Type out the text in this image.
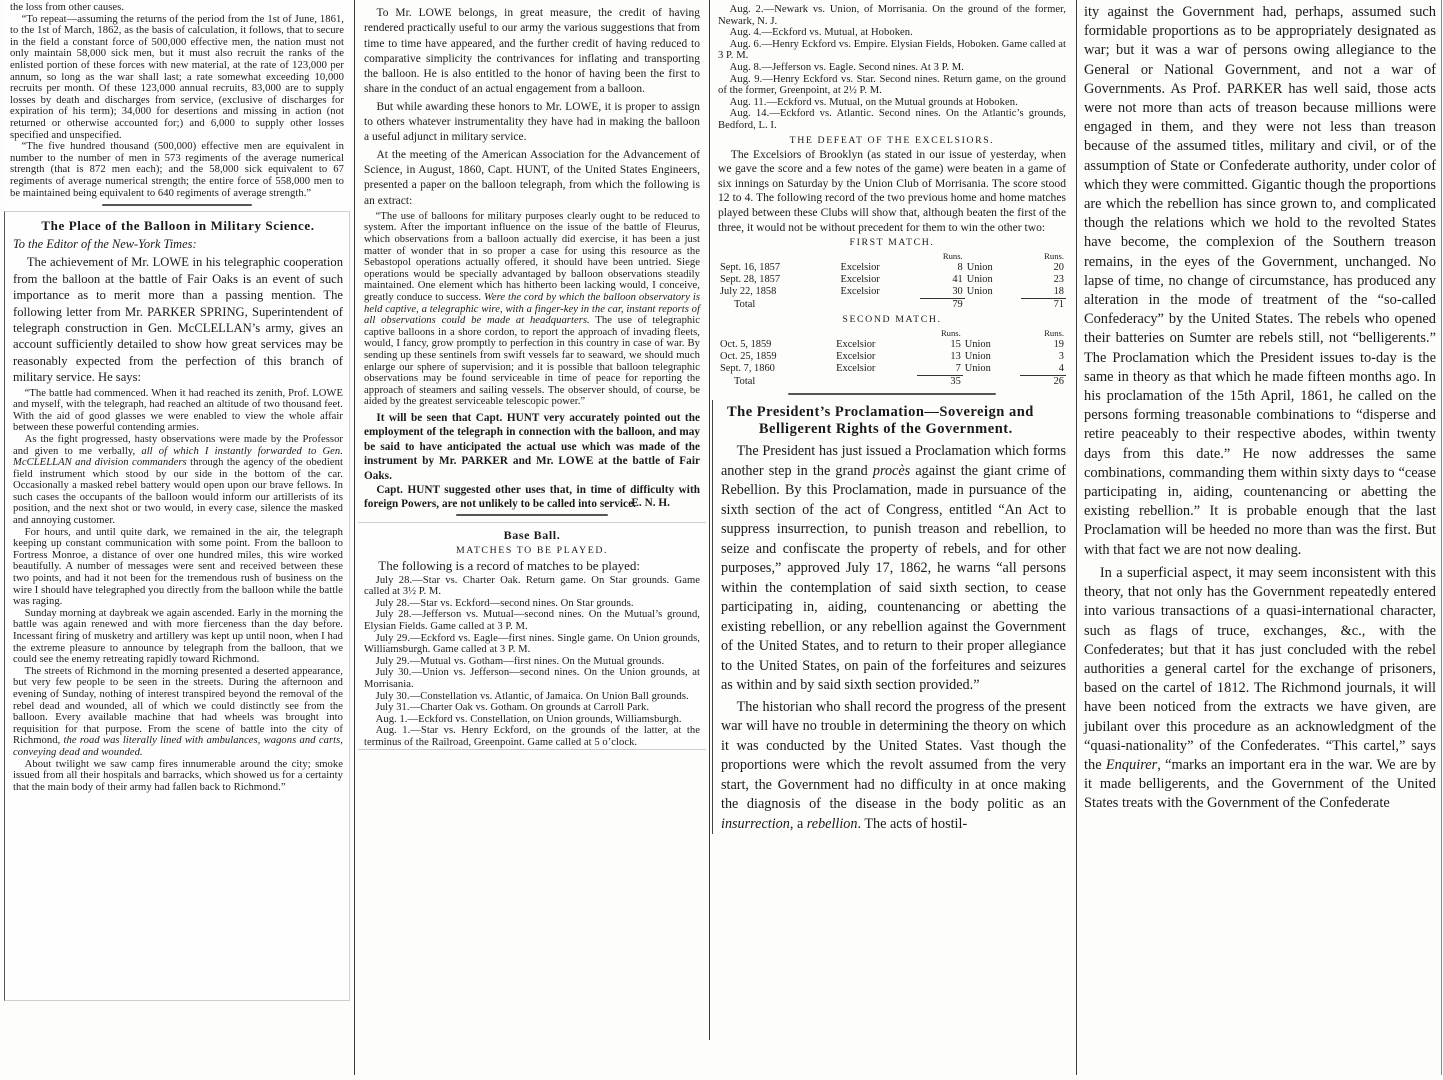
the loss from other causes.

“To repeat—assuming the returns of the period from the 1st of June, 1861, to the 1st of March, 1862, as the basis of calculation, it follows, that to secure in the field a constant force of 500,000 effective men, the nation must not only maintain 58,000 sick men, but it must also recruit the ranks of the enlisted portion of these forces with new material, at the rate of 123,000 per annum, so long as the war shall last; a rate somewhat exceeding 10,000 recruits per month. Of these 123,000 annual recruits, 83,000 are to supply losses by death and discharges from service, (exclusive of discharges for expiration of his term); 34,000 for desertions and missing in action (not returned or otherwise accounted for;) and 6,000 to supply other losses specified and unspecified.

“The five hundred thousand (500,000) effective men are equivalent in number to the number of men in 573 regiments of the average numerical strength (that is 872 men each); and the 58,000 sick equivalent to 67 regiments of average numerical strength; the entire force of 558,000 men to be maintained being equivalent to 640 regiments of average strength.”

The Place of the Balloon in Military Science.

To the Editor of the New-York Times:

The achievement of Mr. LOWE in his telegraphic cooperation from the balloon at the battle of Fair Oaks is an event of such importance as to merit more than a passing mention. The following letter from Mr. PARKER SPRING, Superintendent of telegraph construction in Gen. McCLELLAN’s army, gives an account sufficiently detailed to show how great services may be reasonably expected from the perfection of this branch of military service. He says:

“The battle had commenced. When it had reached its zenith, Prof. LOWE and myself, with the telegraph, had reached an altitude of two thousand feet. With the aid of good glasses we were enabled to view the whole affair between these powerful contending armies.

As the fight progressed, hasty observations were made by the Professor and given to me verbally, all of which I instantly forwarded to Gen. McCLELLAN and division commanders through the agency of the obedient field instrument which stood by our side in the bottom of the car. Occasionally a masked rebel battery would open upon our brave fellows. In such cases the occupants of the balloon would inform our artillerists of its position, and the next shot or two would, in every case, silence the masked and annoying customer.

For hours, and until quite dark, we remained in the air, the telegraph keeping up constant communication with some point. From the balloon to Fortress Monroe, a distance of over one hundred miles, this wire worked beautifully. A number of messages were sent and received between these two points, and had it not been for the tremendous rush of business on the wire I should have telegraphed you directly from the balloon while the battle was raging.

Sunday morning at daybreak we again ascended. Early in the morning the battle was again renewed and with more fierceness than the day before. Incessant firing of musketry and artillery was kept up until noon, when I had the extreme pleasure to announce by telegraph from the balloon, that we could see the enemy retreating rapidly toward Richmond.

The streets of Richmond in the morning presented a deserted appearance, but very few people to be seen in the streets. During the afternoon and evening of Sunday, nothing of interest transpired beyond the removal of the rebel dead and wounded, all of which we could distinctly see from the balloon. Every available machine that had wheels was brought into requisition for that purpose. From the scene of battle into the city of Richmond, the road was literally lined with ambulances, wagons and carts, conveying dead and wounded.

About twilight we saw camp fires innumerable around the city; smoke issued from all their hospitals and barracks, which showed us for a certainty that the main body of their army had fallen back to Richmond.”

To Mr. LOWE belongs, in great measure, the credit of having rendered practically useful to our army the various suggestions that from time to time have appeared, and the further credit of having reduced to comparative simplicity the contrivances for inflating and transporting the balloon. He is also entitled to the honor of having been the first to share in the conduct of an actual engagement from a balloon.

But while awarding these honors to Mr. LOWE, it is proper to assign to others whatever instrumentality they have had in making the balloon a useful adjunct in military service.

At the meeting of the American Association for the Advancement of Science, in August, 1860, Capt. HUNT, of the United States Engineers, presented a paper on the balloon telegraph, from which the following is an extract:

“The use of balloons for military purposes clearly ought to be reduced to system. After the important influence on the issue of the battle of Fleurus, which observations from a balloon actually did exercise, it has been a just matter of wonder that in so proper a case for using this resource as the Sebastopol operations actually offered, it should have been untried. Siege operations would be specially advantaged by balloon observations steadily maintained. One element which has hitherto been lacking would, I conceive, greatly conduce to success. Were the cord by which the balloon observatory is held captive, a telegraphic wire, with a finger-key in the car, instant reports of all observations could be made at headquarters. The use of telegraphic captive balloons in a shore cordon, to report the approach of invading fleets, would, I fancy, grow promptly to perfection in this country in case of war. By sending up these sentinels from swift vessels far to seaward, we should much enlarge our sphere of supervision; and it is possible that balloon telegraphic observations may be found serviceable in time of peace for reporting the approach of steamers and sailing vessels. The observer should, of course, be aided by the greatest serviceable telescopic power.”

It will be seen that Capt. HUNT very accurately pointed out the employment of the telegraph in connection with the balloon, and may be said to have anticipated the actual use which was made of the instrument by Mr. PARKER and Mr. LOWE at the battle of Fair Oaks.

Capt. HUNT suggested other uses that, in time of difficulty with foreign Powers, are not unlikely to be called into service.

E. N. H.

Base Ball.
MATCHES TO BE PLAYED.

The following is a record of matches to be played:

July 28.—Star vs. Charter Oak. Return game. On Star grounds. Game called at 3½ P. M.

July 28.—Star vs. Eckford—second nines. On Star grounds.

July 28.—Jefferson vs. Mutual—second nines. On the Mutual’s ground, Elysian Fields. Game called at 3 P. M.

July 29.—Eckford vs. Eagle—first nines. Single game. On Union grounds, Williamsburgh. Game called at 3 P. M.

July 29.—Mutual vs. Gotham—first nines. On the Mutual grounds.

July 30.—Union vs. Jefferson—second nines. On the Union grounds, at Morrisania.

July 30.—Constellation vs. Atlantic, of Jamaica. On Union Ball grounds.

July 31.—Charter Oak vs. Gotham. On grounds at Carroll Park.

Aug. 1.—Eckford vs. Constellation, on Union grounds, Williamsburgh.

Aug. 1.—Star vs. Henry Eckford, on the grounds of the latter, at the terminus of the Railroad, Greenpoint. Game called at 5 o’clock.

Aug. 2.—Newark vs. Union, of Morrisania. On the ground of the former, Newark, N. J.

Aug. 4.—Eckford vs. Mutual, at Hoboken.

Aug. 6.—Henry Eckford vs. Empire. Elysian Fields, Hoboken. Game called at 3 P. M.

Aug. 8.—Jefferson vs. Eagle. Second nines. At 3 P. M.

Aug. 9.—Henry Eckford vs. Star. Second nines. Return game, on the ground of the former, Greenpoint, at 2½ P. M.

Aug. 11.—Eckford vs. Mutual, on the Mutual grounds at Hoboken.

Aug. 14.—Eckford vs. Atlantic. Second nines. On the Atlantic’s grounds, Bedford, L. I.

THE DEFEAT OF THE EXCELSIORS.

The Excelsiors of Brooklyn (as stated in our issue of yesterday, when we gave the score and a few notes of the game) were beaten in a game of six innings on Saturday by the Union Club of Morrisania. The score stood 12 to 4. The following record of the two previous home and home matches played between these Clubs will show that, although beaten the first of the three, it would not be without precedent for them to win the other two:

FIRST MATCH.
		Runs.		Runs.
Sept. 16, 1857	Excelsior	8	Union	20
Sept. 28, 1857	Excelsior	41	Union	23
July 22, 1858	Excelsior	30	Union	18
Total		79		71
SECOND MATCH.
		Runs.		Runs.
Oct. 5, 1859	Excelsior	15	Union	19
Oct. 25, 1859	Excelsior	13	Union	3
Sept. 7, 1860	Excelsior	7	Union	4
Total		35		26
The President’s Proclamation—Sovereign and Belligerent Rights of the Government.

The President has just issued a Proclamation which forms another step in the grand procès against the giant crime of Rebellion. By this Proclamation, made in pursuance of the sixth section of the act of Congress, entitled “An Act to suppress insurrection, to punish treason and rebellion, to seize and confiscate the property of rebels, and for other purposes,” approved July 17, 1862, he warns “all persons within the contemplation of said sixth section, to cease participating in, aiding, countenancing or abetting the existing rebellion, or any rebellion against the Government of the United States, and to return to their proper allegiance to the United States, on pain of the forfeitures and seizures as within and by said sixth section provided.”

The historian who shall record the progress of the present war will have no trouble in determining the theory on which it was conducted by the United States. Vast though the proportions were which the revolt assumed from the very start, the Government had no difficulty in at once making the diagnosis of the disease in the body politic as an insurrection, a rebellion. The acts of hostil-

ity against the Government had, perhaps, assumed such formidable proportions as to be appropriately designated as war; but it was a war of persons owing allegiance to the General or National Government, and not a war of Governments. As Prof. PARKER has well said, those acts were not more than acts of treason because millions were engaged in them, and they were not less than treason because of the assumed titles, military and civil, or of the assumption of State or Confederate authority, under color of which they were committed. Gigantic though the proportions are which the rebellion has since grown to, and complicated though the relations which we hold to the revolted States have become, the complexion of the Southern treason remains, in the eyes of the Government, unchanged. No lapse of time, no change of circumstance, has produced any alteration in the mode of treatment of the “so-called Confederacy” by the United States. The rebels who opened their batteries on Sumter are rebels still, not “belligerents.” The Proclamation which the President issues to-day is the same in theory as that which he made fifteen months ago. In his proclamation of the 15th April, 1861, he called on the persons forming treasonable combinations to “disperse and retire peaceably to their respective abodes, within twenty days from this date.” He now addresses the same combinations, commanding them within sixty days to “cease participating in, aiding, countenancing or abetting the existing rebellion.” It is probable enough that the last Proclamation will be heeded no more than was the first. But with that fact we are not now dealing.

In a superficial aspect, it may seem inconsistent with this theory, that not only has the Government repeatedly entered into various transactions of a quasi-international character, such as flags of truce, exchanges, &c., with the Confederates; but that it has just concluded with the rebel authorities a general cartel for the exchange of prisoners, based on the cartel of 1812. The Richmond journals, it will have been noticed from the extracts we have given, are jubilant over this procedure as an acknowledgment of the “quasi-nationality” of the Confederates. “This cartel,” says the Enquirer, “marks an important era in the war. We are by it made belligerents, and the Government of the United States treats with the Government of the Confederate
